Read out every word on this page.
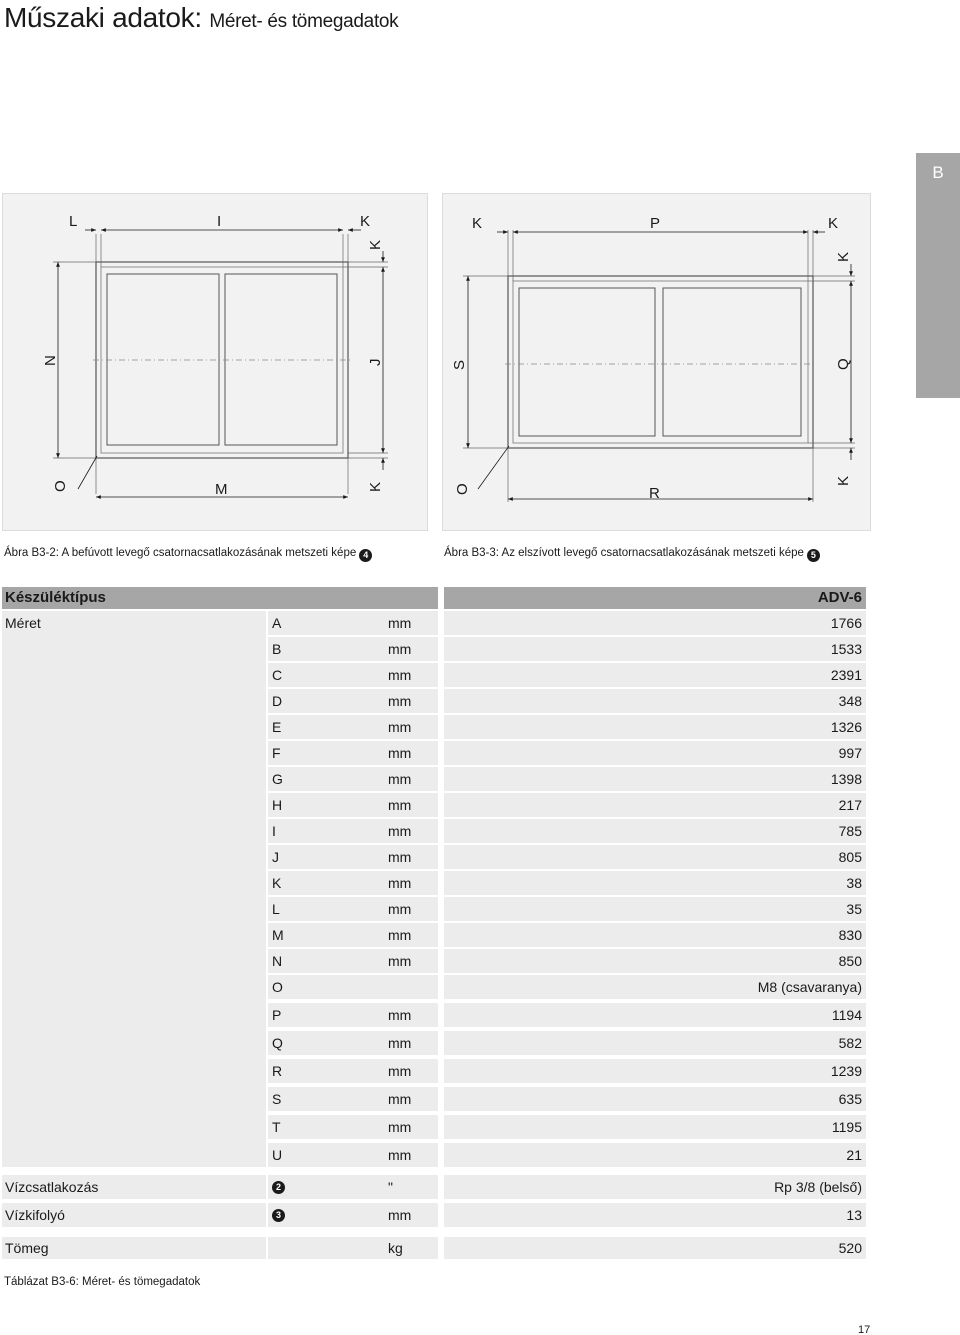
Műszaki adatok: Méret- és tömegadatok
B
L	I	K
K
N	J
O	M	K
K	P	K
K
S	Q
O	R
K
Ábra B3-2: A befúvott levegő csatornacsatlakozásának metszeti képe 4	Ábra B3-3: Az elszívott levegő csatornacsatlakozásának metszeti képe 5
Készüléktípus	ADV-6
Méret	A	mm	1766
B	mm	1533
C	mm	2391
D	mm	348
E	mm	1326
F	mm	997
G	mm	1398
H	mm	217
I	mm	785
J	mm	805
K	mm	38
L	mm	35
M	mm	830
N	mm	850
O	M8 (csavaranya)
P	mm	1194
Q	mm	582
R	mm	1239
S	mm	635
T	mm	1195
U	mm	21
Vízcsatlakozás	2	"	Rp 3/8 (belső)
Vízkifolyó	3	mm	13
Tömeg	kg	520
Táblázat B3-6: Méret- és tömegadatok
17
